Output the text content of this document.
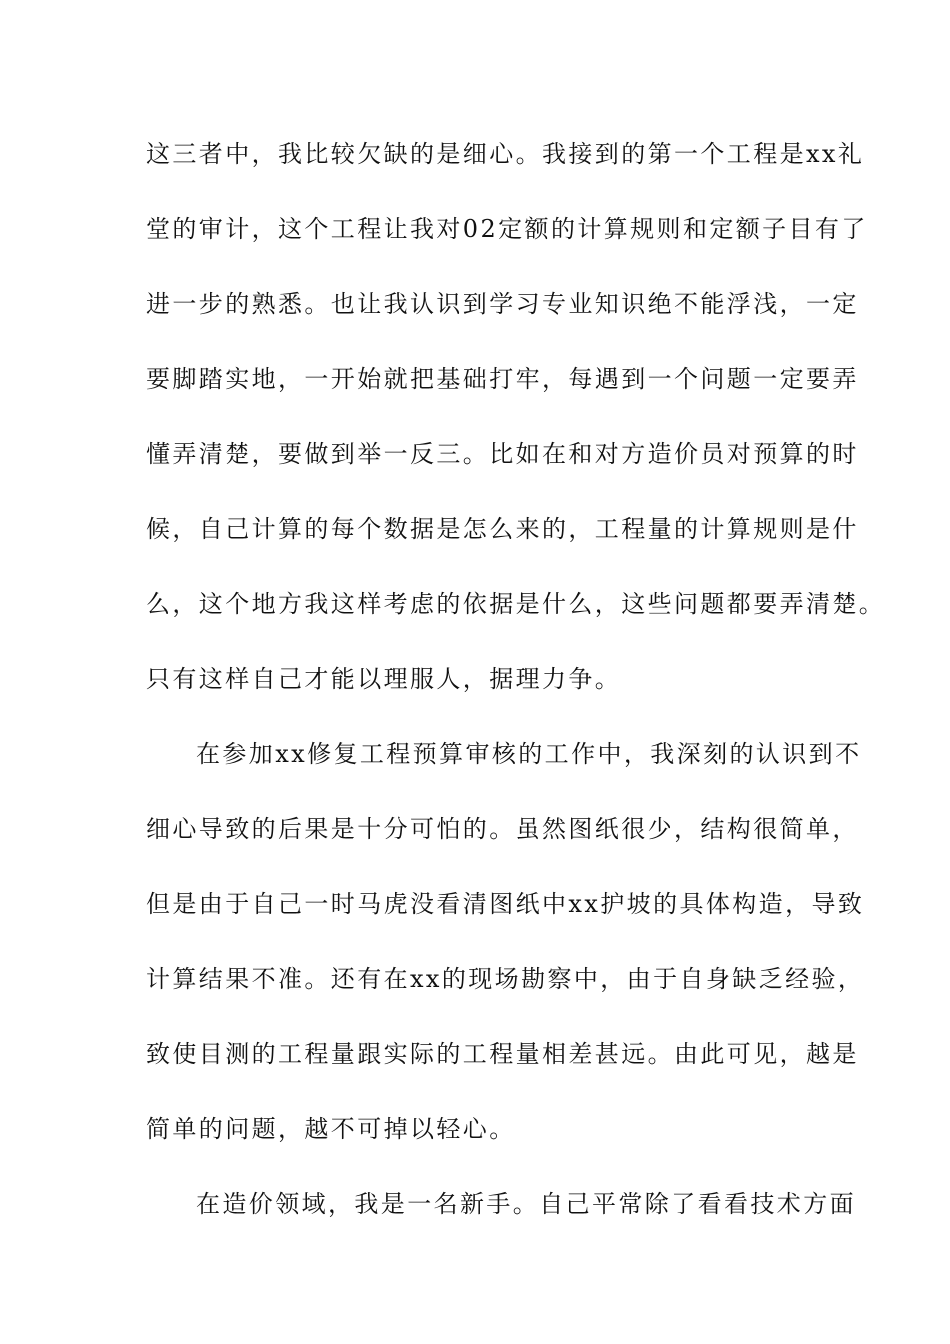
这三者中，我比较欠缺的是细心。我接到的第一个工程是xx礼
堂的审计，这个工程让我对02定额的计算规则和定额子目有了
进一步的熟悉。也让我认识到学习专业知识绝不能浮浅，一定
要脚踏实地，一开始就把基础打牢，每遇到一个问题一定要弄
懂弄清楚，要做到举一反三。比如在和对方造价员对预算的时
候，自己计算的每个数据是怎么来的，工程量的计算规则是什
么，这个地方我这样考虑的依据是什么，这些问题都要弄清楚。
只有这样自己才能以理服人，据理力争。
在参加xx修复工程预算审核的工作中，我深刻的认识到不
细心导致的后果是十分可怕的。虽然图纸很少，结构很简单，
但是由于自己一时马虎没看清图纸中xx护坡的具体构造，导致
计算结果不准。还有在xx的现场勘察中，由于自身缺乏经验，
致使目测的工程量跟实际的工程量相差甚远。由此可见，越是
简单的问题，越不可掉以轻心。
在造价领域，我是一名新手。自己平常除了看看技术方面
